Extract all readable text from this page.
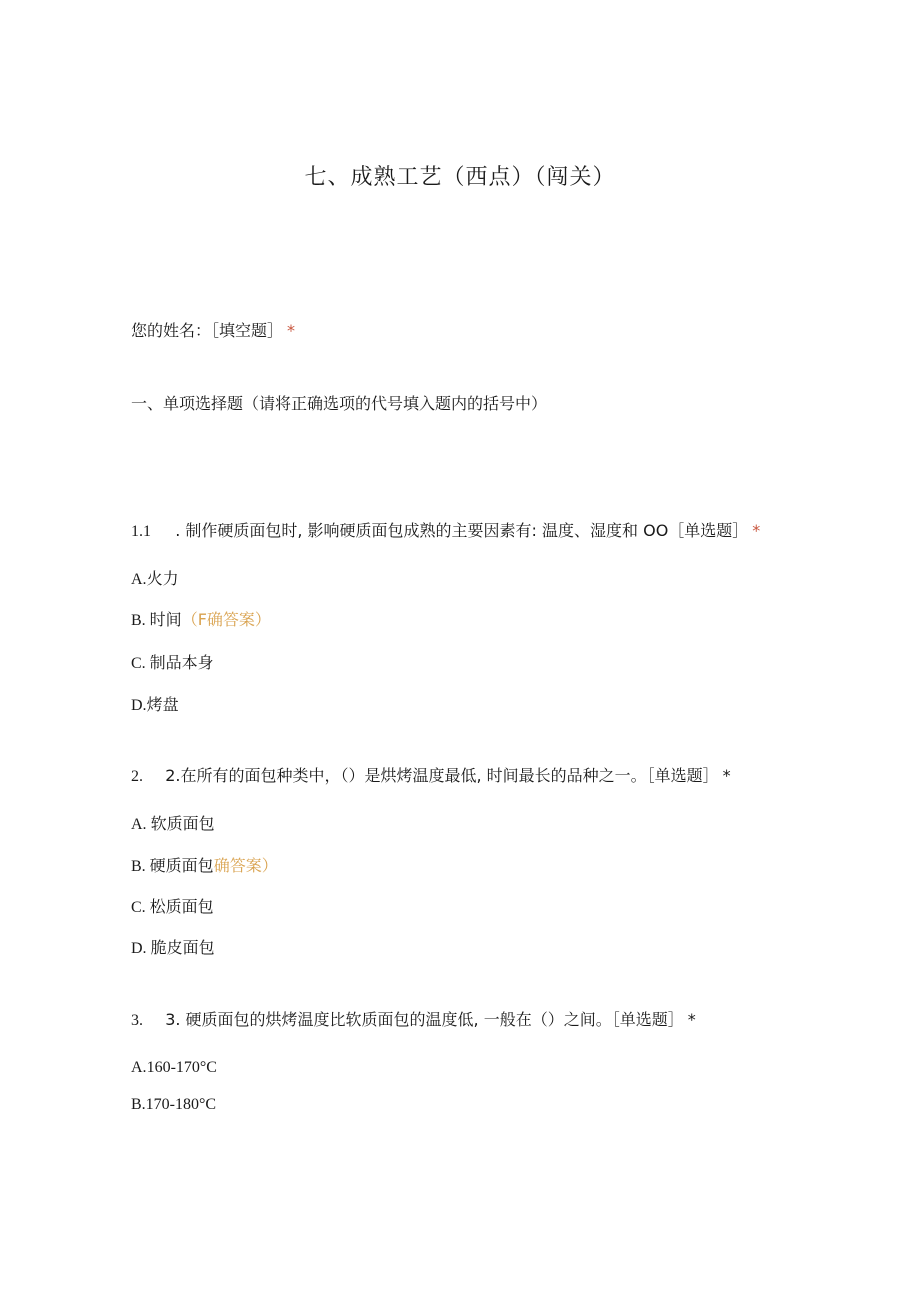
七、成熟工艺（西点）（闯关）
您的姓名：［填空题］ *
一、单项选择题（请将正确选项的代号填入题内的括号中）
1.1 . 制作硬质面包时, 影响硬质面包成熟的主要因素有: 温度、湿度和 OO［单选题］ *
A.火力
B. 时间（F确答案）
C. 制品本身
D.烤盘
2. 2.在所有的面包种类中，（）是烘烤温度最低, 时间最长的品种之一。［单选题］ *
A. 软质面包
B. 硬质面包确答案）
C. 松质面包
D. 脆皮面包
3. 3. 硬质面包的烘烤温度比软质面包的温度低, 一般在（）之间。［单选题］ *
A.160-170°C
B.170-180°C
